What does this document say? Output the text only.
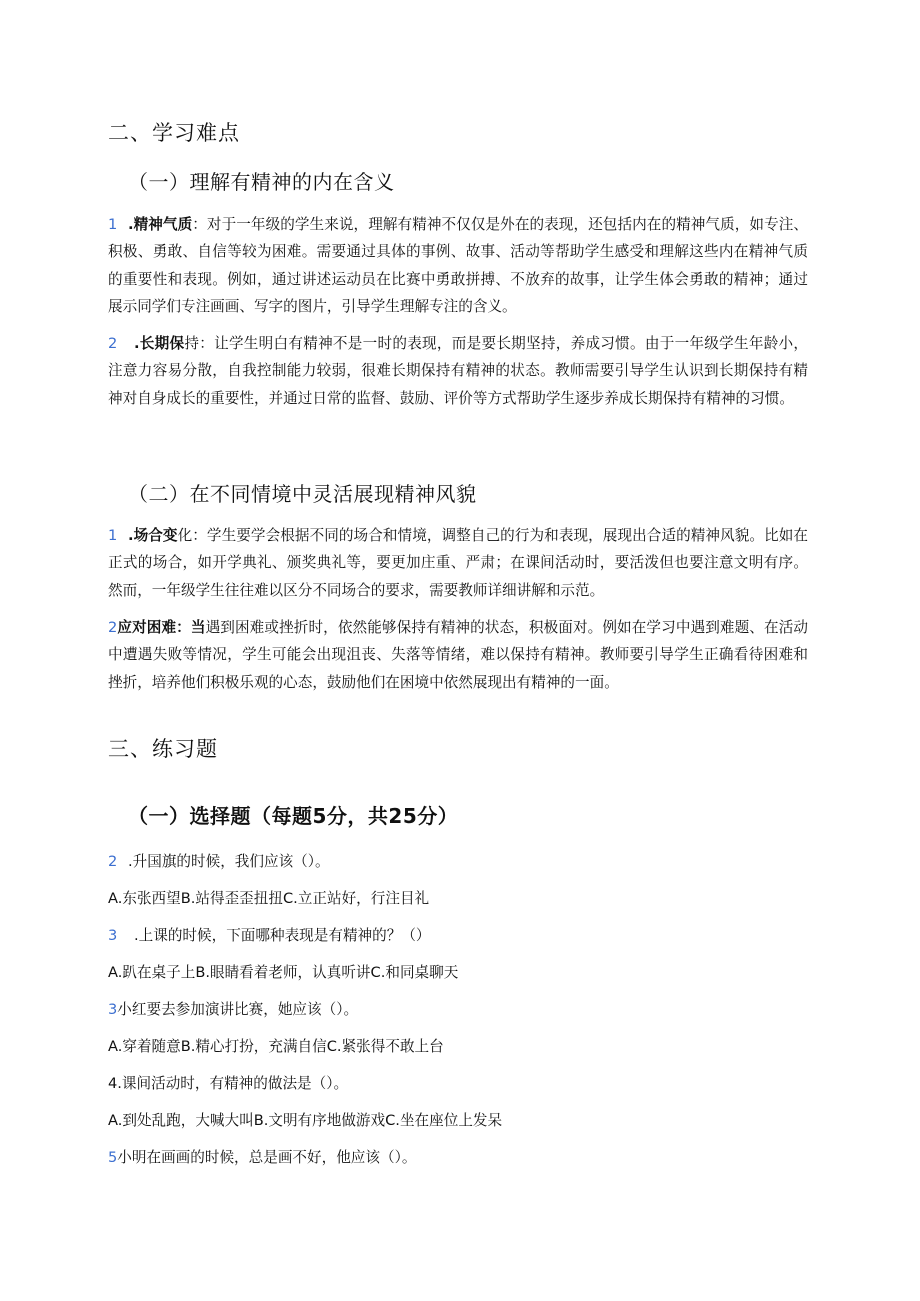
二、学习难点
（一）理解有精神的内在含义
1 .精神气质：对于一年级的学生来说，理解有精神不仅仅是外在的表现，还包括内在的精神气质，如专注、积极、勇敢、自信等较为困难。需要通过具体的事例、故事、活动等帮助学生感受和理解这些内在精神气质的重要性和表现。例如，通过讲述运动员在比赛中勇敢拼搏、不放弃的故事，让学生体会勇敢的精神；通过展示同学们专注画画、写字的图片，引导学生理解专注的含义。
2 .长期保持：让学生明白有精神不是一时的表现，而是要长期坚持，养成习惯。由于一年级学生年龄小，注意力容易分散，自我控制能力较弱，很难长期保持有精神的状态。教师需要引导学生认识到长期保持有精神对自身成长的重要性，并通过日常的监督、鼓励、评价等方式帮助学生逐步养成长期保持有精神的习惯。
（二）在不同情境中灵活展现精神风貌
1 .场合变化：学生要学会根据不同的场合和情境，调整自己的行为和表现，展现出合适的精神风貌。比如在正式的场合，如开学典礼、颁奖典礼等，要更加庄重、严肃；在课间活动时，要活泼但也要注意文明有序。然而，一年级学生往往难以区分不同场合的要求，需要教师详细讲解和示范。
2应对困难：当遇到困难或挫折时，依然能够保持有精神的状态，积极面对。例如在学习中遇到难题、在活动中遭遇失败等情况，学生可能会出现沮丧、失落等情绪，难以保持有精神。教师要引导学生正确看待困难和挫折，培养他们积极乐观的心态，鼓励他们在困境中依然展现出有精神的一面。
三、练习题
（一）选择题（每题5分，共25分）
2 .升国旗的时候，我们应该（）。
A.东张西望B.站得歪歪扭扭C.立正站好，行注目礼
3 .上课的时候，下面哪种表现是有精神的？（）
A.趴在桌子上B.眼睛看着老师，认真听讲C.和同桌聊天
3小红要去参加演讲比赛，她应该（）。
A.穿着随意B.精心打扮，充满自信C.紧张得不敢上台
4.课间活动时，有精神的做法是（）。
A.到处乱跑，大喊大叫B.文明有序地做游戏C.坐在座位上发呆
5小明在画画的时候，总是画不好，他应该（）。
